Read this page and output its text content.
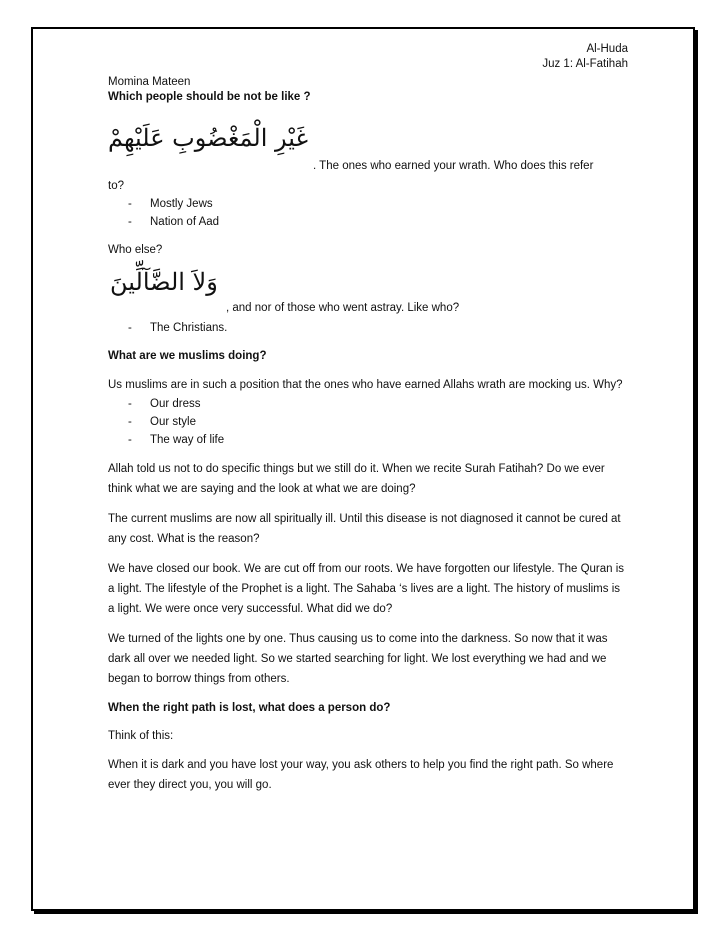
Al-Huda
Juz 1: Al-Fatihah
Momina Mateen
Which people should be not be like ?
غَيْرِ الْمَغْضُوبِ عَلَيْهِمْ
. The ones who earned your wrath. Who does this refer

to?

- Mostly Jews
- Nation of Aad

Who else?

وَلاَ الضَّآلِّينَ
, and nor of those who went astray. Like who?
- The Christians.

What are we muslims doing?

Us muslims are in such a position that the ones who have earned Allahs wrath are mocking us. Why?

- Our dress
- Our style
- The way of life

Allah told us not to do specific things but we still do it. When we recite Surah Fatihah? Do we ever think what we are saying and the look at what we are doing?

The current muslims are now all spiritually ill. Until this disease is not diagnosed it cannot be cured at any cost. What is the reason?

We have closed our book. We are cut off from our roots. We have forgotten our lifestyle. The Quran is a light. The lifestyle of the Prophet is a light. The Sahaba ‘s lives are a light. The history of muslims is a light. We were once very successful. What did we do?

We turned of the lights one by one. Thus causing us to come into the darkness. So now that it was dark all over we needed light. So we started searching for light. We lost everything we had and we began to borrow things from others.

When the right path is lost, what does a person do?

Think of this:

When it is dark and you have lost your way, you ask others to help you find the right path. So where ever they direct you, you will go.
